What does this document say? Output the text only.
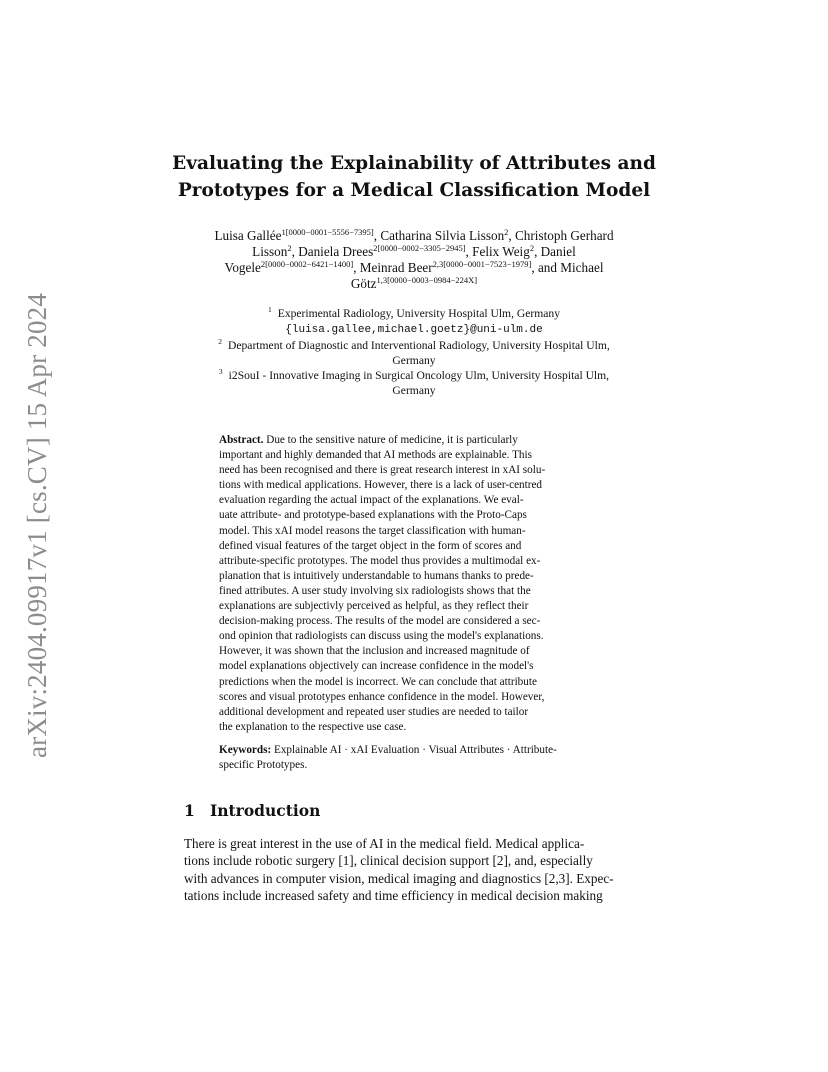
arXiv:2404.09917v1 [cs.CV] 15 Apr 2024
Evaluating the Explainability of Attributes and
Prototypes for a Medical Classification Model
Luisa Gallée$^{1[0000-0001-5556-7395]}$, Catharina Silvia Lisson$^2$, Christoph Gerhard
Lisson$^2$, Daniela Drees$^{2[0000-0002-3305-2945]}$, Felix Weig$^2$, Daniel
Vogele$^{2[0000-0002-6421-1400]}$, Meinrad Beer$^{2,3[0000-0001-7523-1979]}$, and Michael
Götz$^{1,3[0000-0003-0984-224X]}$
$^1$ Experimental Radiology, University Hospital Ulm, Germany
{luisa.gallee,michael.goetz}@uni-ulm.de
$^2$ Department of Diagnostic and Interventional Radiology, University Hospital Ulm,
Germany
$^3$ i2SouI - Innovative Imaging in Surgical Oncology Ulm, University Hospital Ulm,
Germany
Abstract. Due to the sensitive nature of medicine, it is particularly
important and highly demanded that AI methods are explainable. This
need has been recognised and there is great research interest in xAI solu-
tions with medical applications. However, there is a lack of user-centred
evaluation regarding the actual impact of the explanations. We eval-
uate attribute- and prototype-based explanations with the Proto-Caps
model. This xAI model reasons the target classification with human-
defined visual features of the target object in the form of scores and
attribute-specific prototypes. The model thus provides a multimodal ex-
planation that is intuitively understandable to humans thanks to prede-
fined attributes. A user study involving six radiologists shows that the
explanations are subjectivly perceived as helpful, as they reflect their
decision-making process. The results of the model are considered a sec-
ond opinion that radiologists can discuss using the model's explanations.
However, it was shown that the inclusion and increased magnitude of
model explanations objectively can increase confidence in the model's
predictions when the model is incorrect. We can conclude that attribute
scores and visual prototypes enhance confidence in the model. However,
additional development and repeated user studies are needed to tailor
the explanation to the respective use case.
Keywords: Explainable AI · xAI Evaluation · Visual Attributes · Attribute-
specific Prototypes.
1 Introduction
There is great interest in the use of AI in the medical field. Medical applica-
tions include robotic surgery [1], clinical decision support [2], and, especially
with advances in computer vision, medical imaging and diagnostics [2,3]. Expec-
tations include increased safety and time efficiency in medical decision making
